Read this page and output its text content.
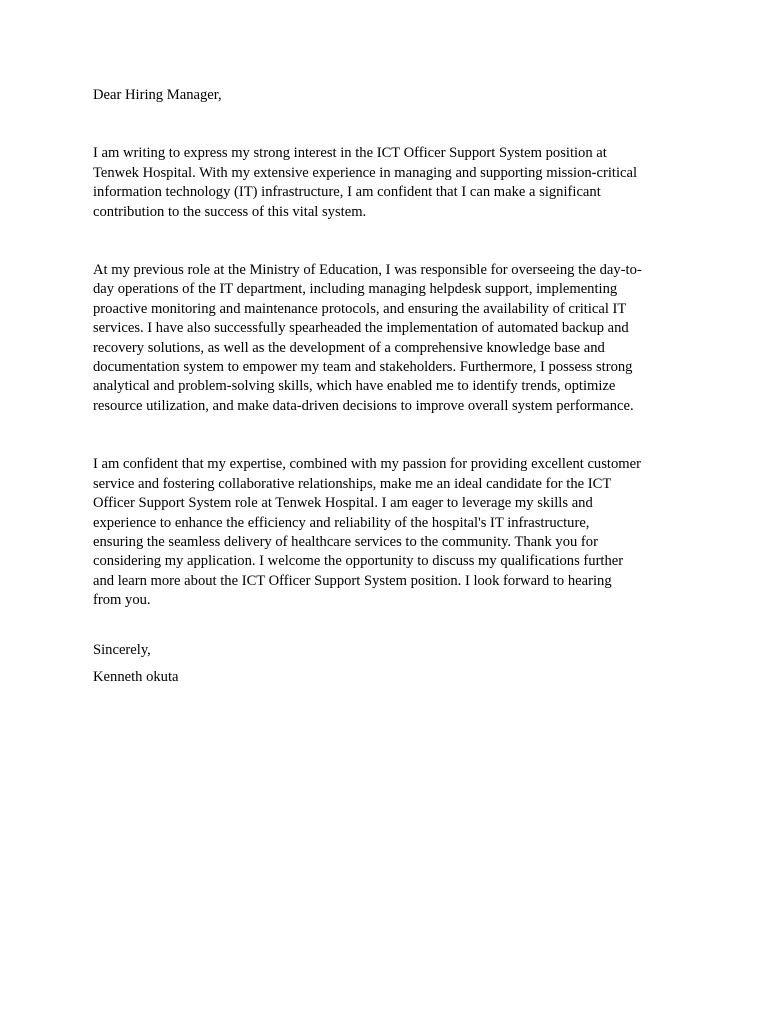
Dear Hiring Manager,
I am writing to express my strong interest in the ICT Officer Support System position at
Tenwek Hospital. With my extensive experience in managing and supporting mission-critical
information technology (IT) infrastructure, I am confident that I can make a significant
contribution to the success of this vital system.
At my previous role at the Ministry of Education, I was responsible for overseeing the day-to-
day operations of the IT department, including managing helpdesk support, implementing
proactive monitoring and maintenance protocols, and ensuring the availability of critical IT
services. I have also successfully spearheaded the implementation of automated backup and
recovery solutions, as well as the development of a comprehensive knowledge base and
documentation system to empower my team and stakeholders. Furthermore, I possess strong
analytical and problem-solving skills, which have enabled me to identify trends, optimize
resource utilization, and make data-driven decisions to improve overall system performance.
I am confident that my expertise, combined with my passion for providing excellent customer
service and fostering collaborative relationships, make me an ideal candidate for the ICT
Officer Support System role at Tenwek Hospital. I am eager to leverage my skills and
experience to enhance the efficiency and reliability of the hospital's IT infrastructure,
ensuring the seamless delivery of healthcare services to the community. Thank you for
considering my application. I welcome the opportunity to discuss my qualifications further
and learn more about the ICT Officer Support System position. I look forward to hearing
from you.
Sincerely,
Kenneth okuta
